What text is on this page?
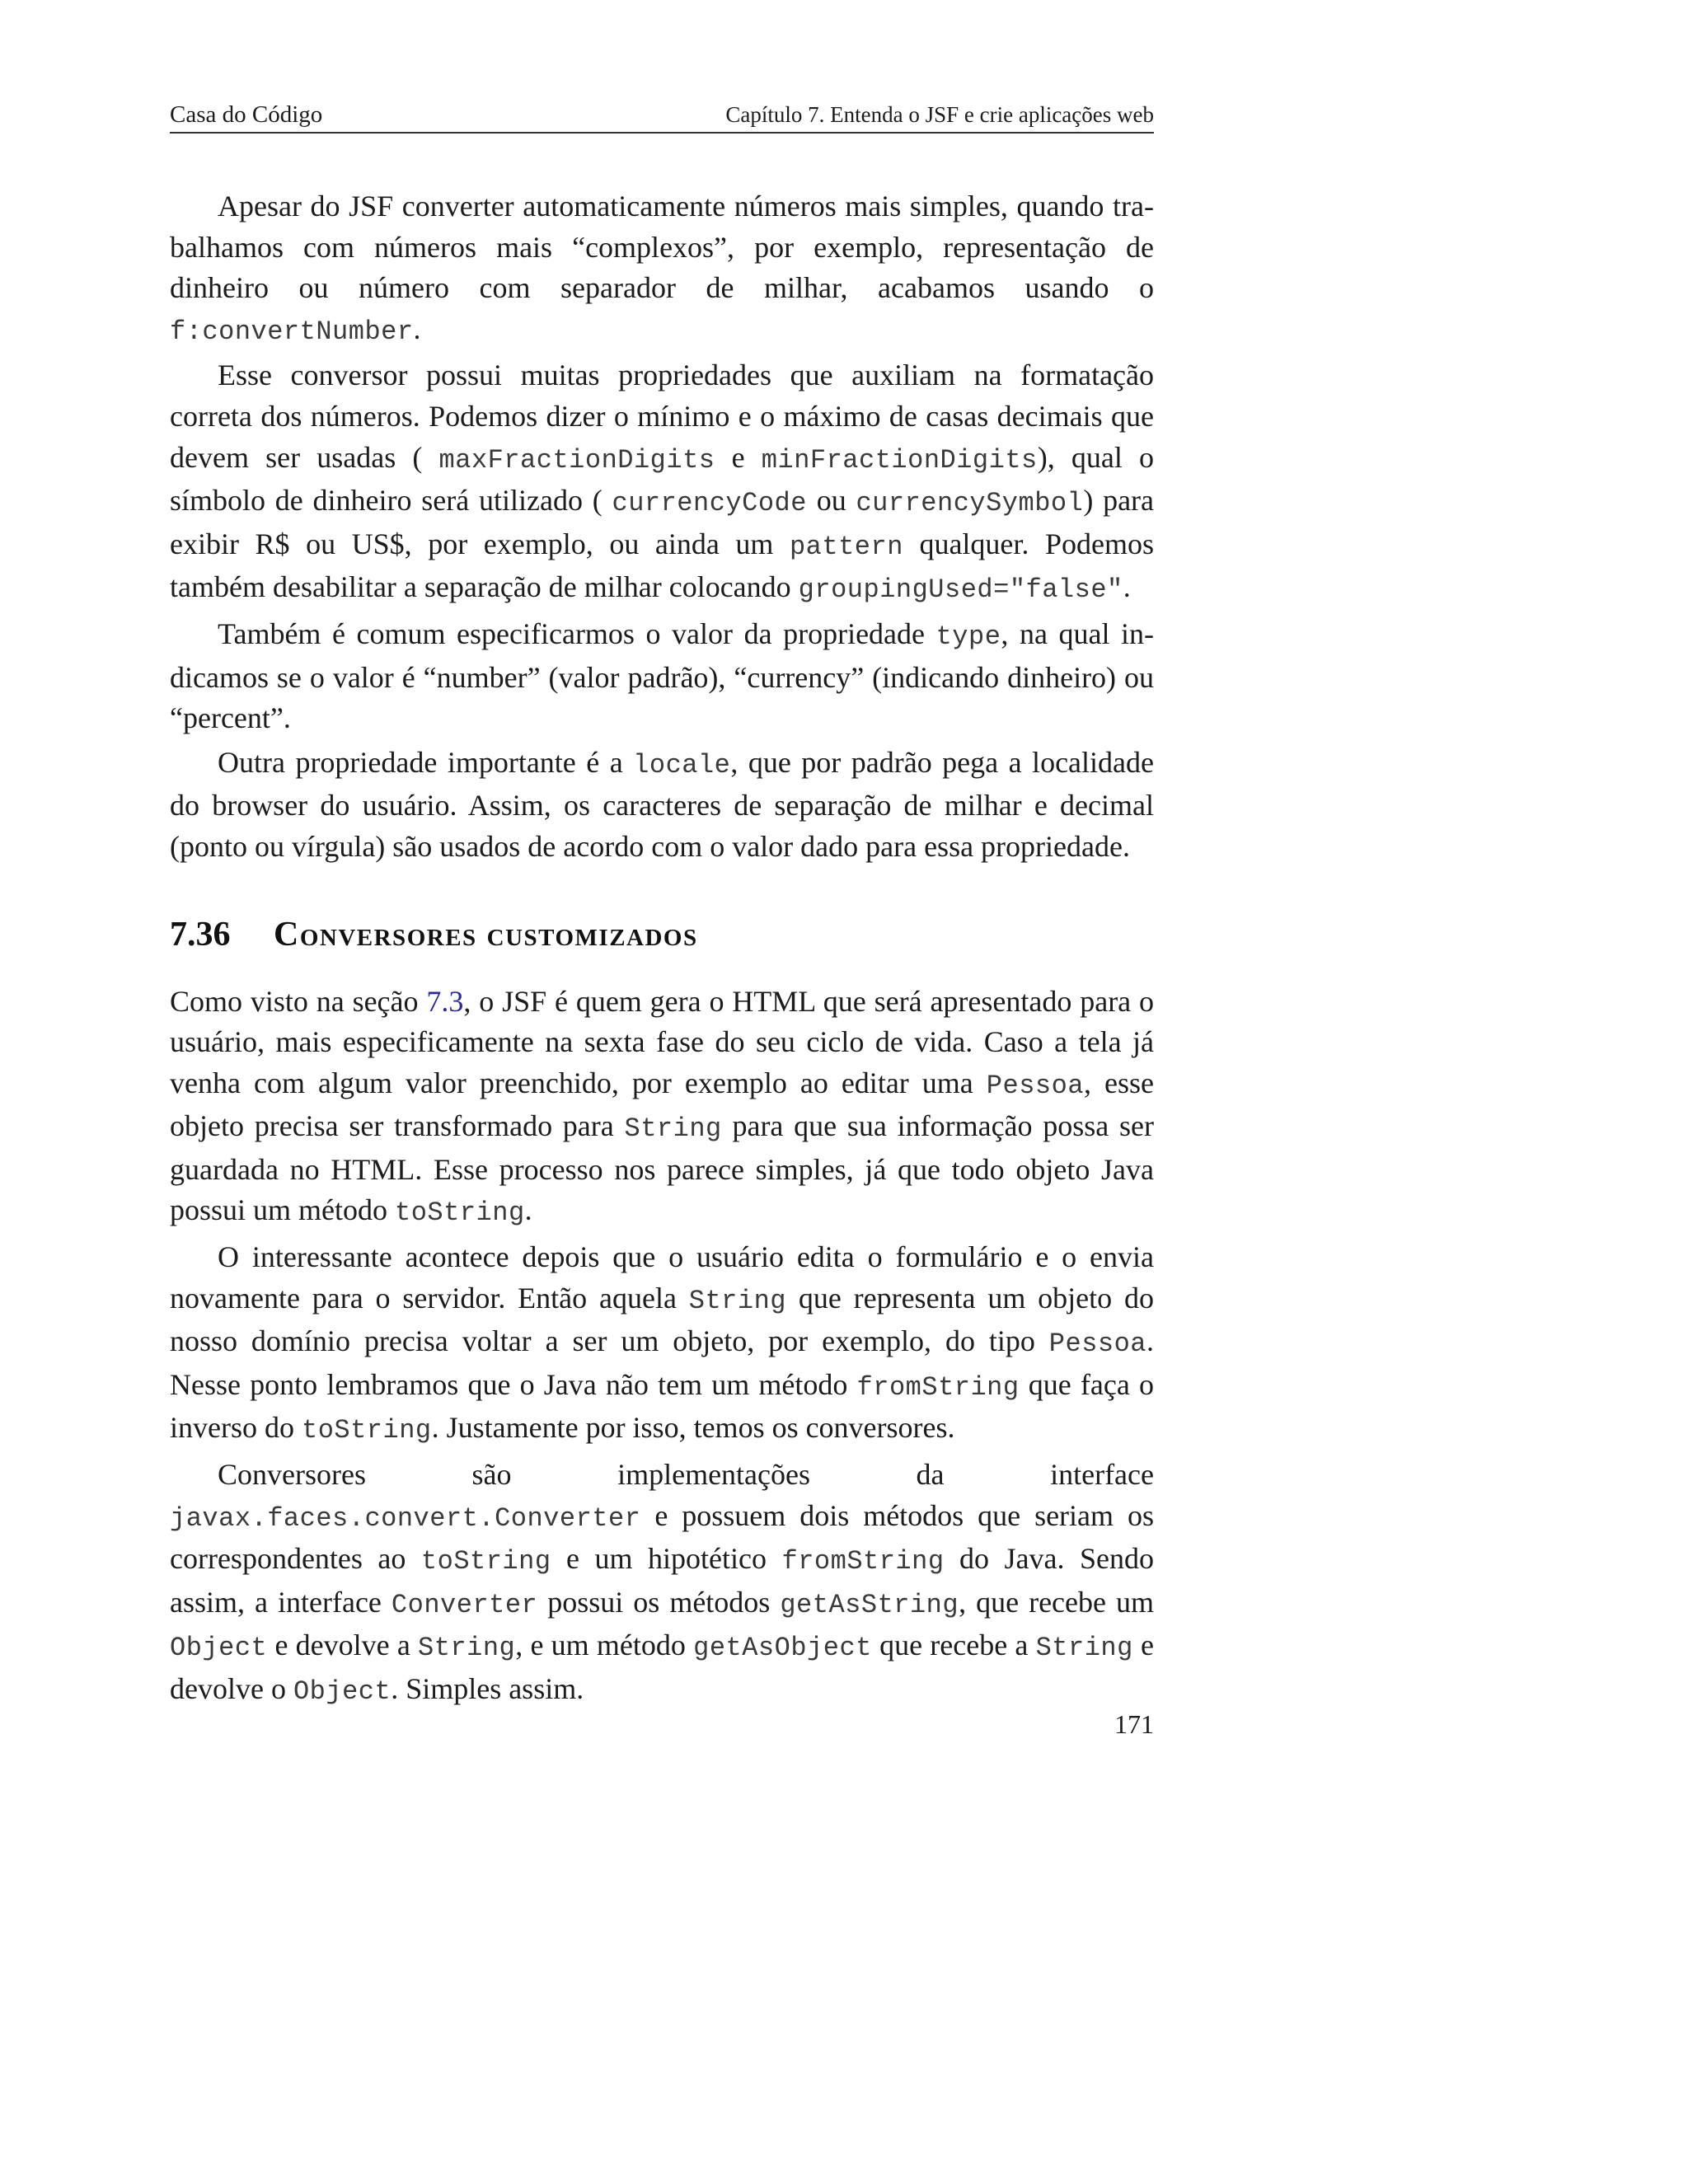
Casa do Código	Capítulo 7. Entenda o JSF e crie aplicações web

Apesar do JSF converter automaticamente números mais simples, quando trabalhamos com números mais “complexos”, por exemplo, representação de dinheiro ou número com separador de milhar, acabamos usando o f:convertNumber.

Esse conversor possui muitas propriedades que auxiliam na formatação correta dos números. Podemos dizer o mínimo e o máximo de casas decimais que devem ser usadas ( maxFractionDigits e minFractionDigits), qual o símbolo de dinheiro será utilizado ( currencyCode ou currencySymbol) para exibir R$ ou US$, por exemplo, ou ainda um pattern qualquer. Podemos também desabilitar a separação de milhar colocando groupingUsed="false".

Também é comum especificarmos o valor da propriedade type, na qual indicamos se o valor é “number” (valor padrão), “currency” (indicando dinheiro) ou “percent”.

Outra propriedade importante é a locale, que por padrão pega a localidade do browser do usuário. Assim, os caracteres de separação de milhar e decimal (ponto ou vírgula) são usados de acordo com o valor dado para essa propriedade.

7.36 Conversores customizados

Como visto na seção 7.3, o JSF é quem gera o HTML que será apresentado para o usuário, mais especificamente na sexta fase do seu ciclo de vida. Caso a tela já venha com algum valor preenchido, por exemplo ao editar uma Pessoa, esse objeto precisa ser transformado para String para que sua informação possa ser guardada no HTML. Esse processo nos parece simples, já que todo objeto Java possui um método toString.

O interessante acontece depois que o usuário edita o formulário e o envia novamente para o servidor. Então aquela String que representa um objeto do nosso domínio precisa voltar a ser um objeto, por exemplo, do tipo Pessoa. Nesse ponto lembramos que o Java não tem um método fromString que faça o inverso do toString. Justamente por isso, temos os conversores.

Conversores são implementações da interface
javax.faces.convert.Converter e possuem dois métodos que seriam os correspondentes ao toString e um hipotético fromString do Java. Sendo assim, a interface Converter possui os métodos getAsString, que recebe um Object e devolve a String, e um método getAsObject que recebe a String e devolve o Object. Simples assim.

171
